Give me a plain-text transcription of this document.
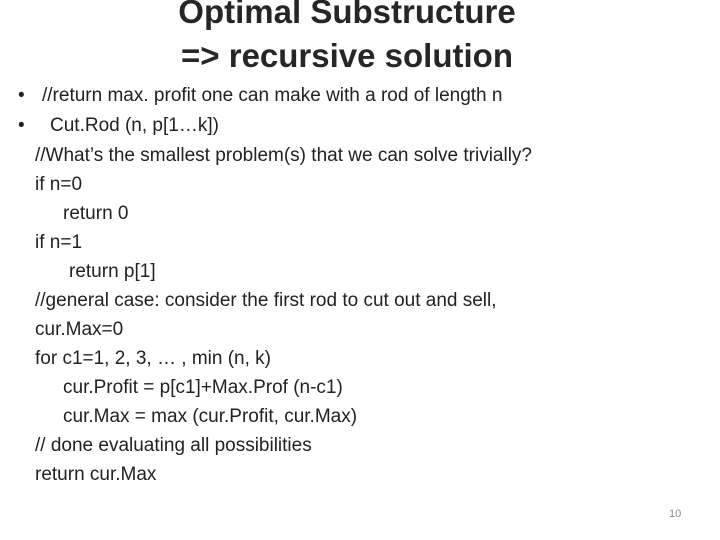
Optimal Substructure
=> recursive solution
• //return max. profit one can make with a rod of length n
• Cut.Rod (n, p[1…k])
//What’s the smallest problem(s) that we can solve trivially?
if n=0
return 0
if n=1
return p[1]
//general case: consider the first rod to cut out and sell,
cur.Max=0
for c1=1, 2, 3, … , min (n, k)
cur.Profit = p[c1]+Max.Prof (n-c1)
cur.Max = max (cur.Profit, cur.Max)
// done evaluating all possibilities
return cur.Max
10
